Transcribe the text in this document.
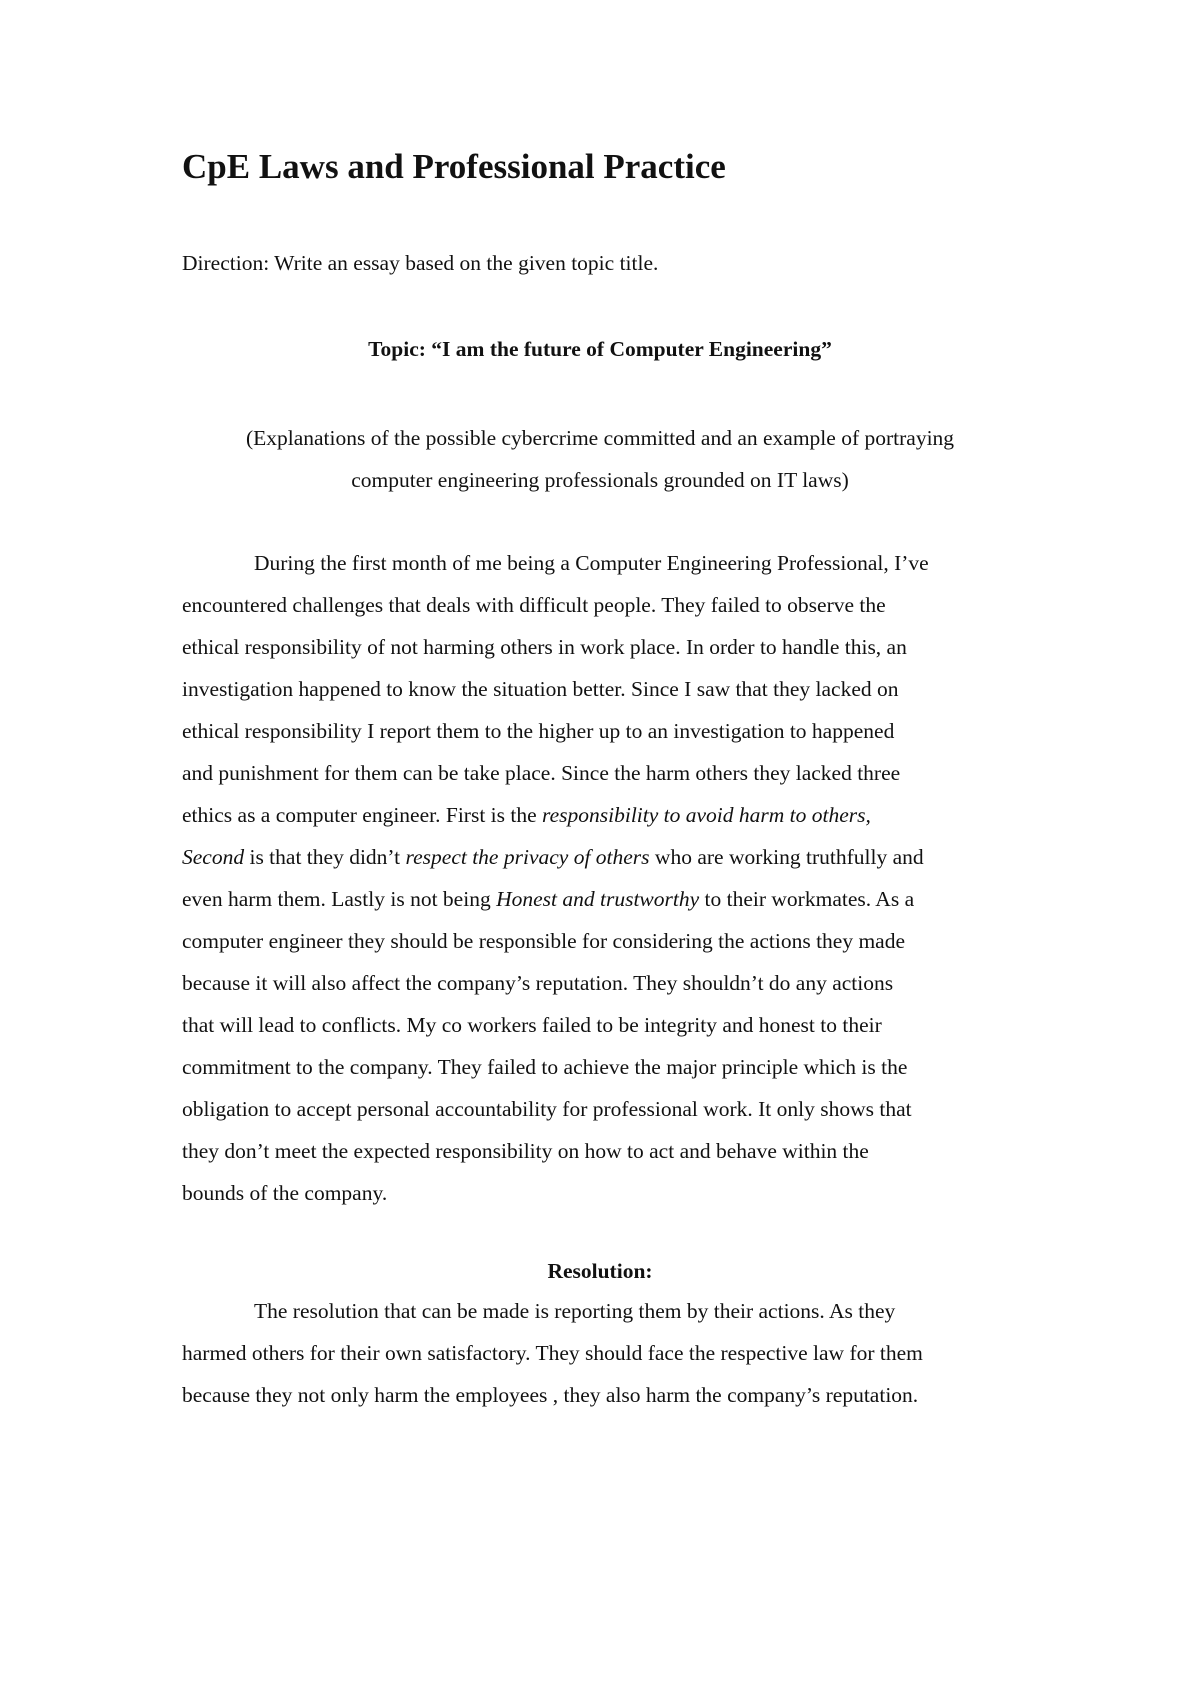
CpE Laws and Professional Practice

Direction: Write an essay based on the given topic title.

Topic: “I am the future of Computer Engineering”

(Explanations of the possible cybercrime committed and an example of portraying
computer engineering professionals grounded on IT laws)

During the first month of me being a Computer Engineering Professional, I’ve
encountered challenges that deals with difficult people. They failed to observe the
ethical responsibility of not harming others in work place. In order to handle this, an
investigation happened to know the situation better. Since I saw that they lacked on
ethical responsibility I report them to the higher up to an investigation to happened
and punishment for them can be take place. Since the harm others they lacked three
ethics as a computer engineer. First is the responsibility to avoid harm to others,
Second is that they didn’t respect the privacy of others who are working truthfully and
even harm them. Lastly is not being Honest and trustworthy to their workmates. As a
computer engineer they should be responsible for considering the actions they made
because it will also affect the company’s reputation. They shouldn’t do any actions
that will lead to conflicts. My co workers failed to be integrity and honest to their
commitment to the company. They failed to achieve the major principle which is the
obligation to accept personal accountability for professional work. It only shows that
they don’t meet the expected responsibility on how to act and behave within the
bounds of the company.

Resolution:

The resolution that can be made is reporting them by their actions. As they
harmed others for their own satisfactory. They should face the respective law for them
because they not only harm the employees , they also harm the company’s reputation.
